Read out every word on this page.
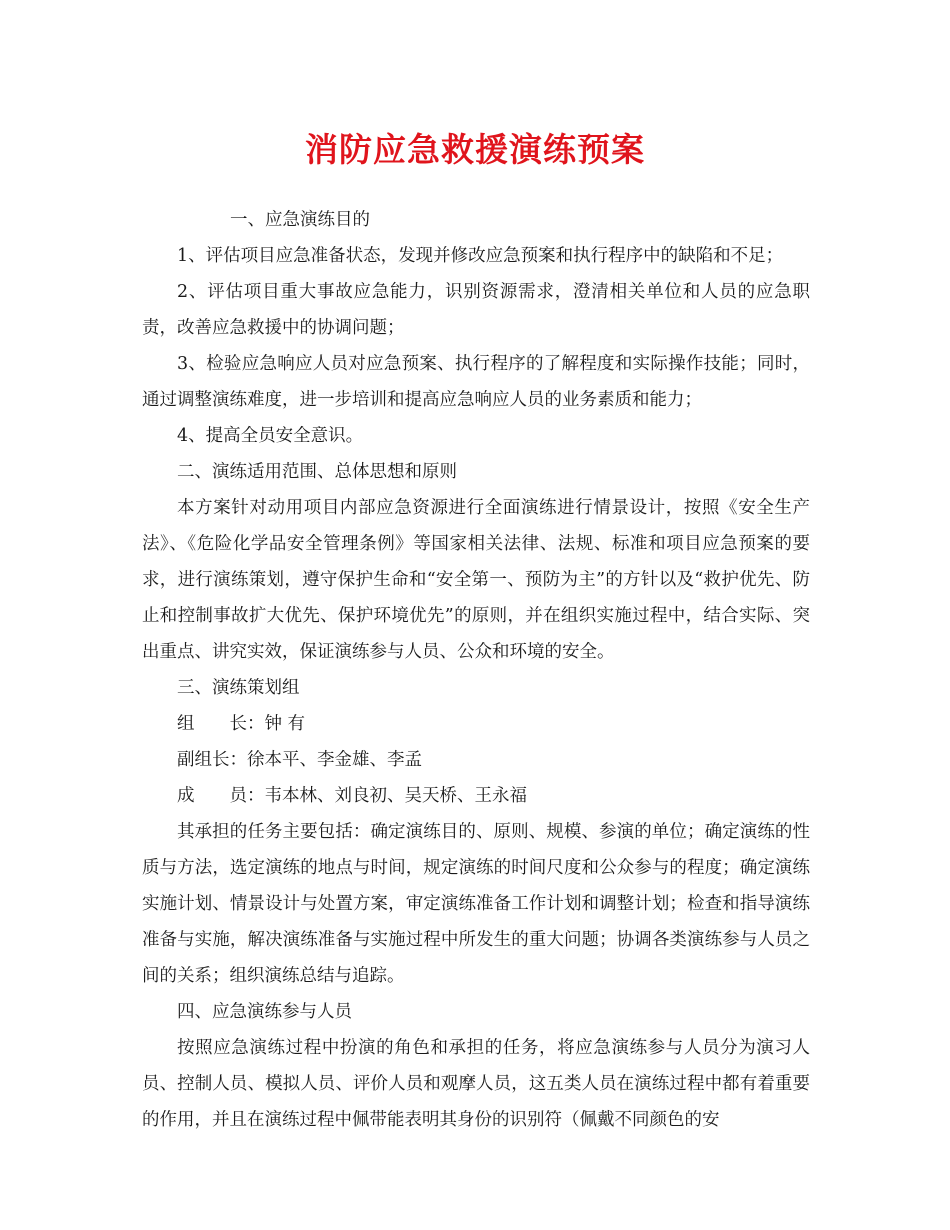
消防应急救援演练预案

一、应急演练目的

1、评估项目应急准备状态，发现并修改应急预案和执行程序中的缺陷和不足；

2、评估项目重大事故应急能力，识别资源需求，澄清相关单位和人员的应急职责，改善应急救援中的协调问题；

3、检验应急响应人员对应急预案、执行程序的了解程度和实际操作技能；同时，通过调整演练难度，进一步培训和提高应急响应人员的业务素质和能力；

4、提高全员安全意识。

二、演练适用范围、总体思想和原则

本方案针对动用项目内部应急资源进行全面演练进行情景设计，按照《安全生产法》、《危险化学品安全管理条例》等国家相关法律、法规、标准和项目应急预案的要求，进行演练策划，遵守保护生命和“安全第一、预防为主”的方针以及“救护优先、防止和控制事故扩大优先、保护环境优先”的原则，并在组织实施过程中，结合实际、突出重点、讲究实效，保证演练参与人员、公众和环境的安全。

三、演练策划组

组　　长：钟 有

副组长：徐本平、李金雄、李孟

成　　员：韦本林、刘良初、吴天桥、王永福

其承担的任务主要包括：确定演练目的、原则、规模、参演的单位；确定演练的性质与方法，选定演练的地点与时间，规定演练的时间尺度和公众参与的程度；确定演练实施计划、情景设计与处置方案，审定演练准备工作计划和调整计划；检查和指导演练准备与实施，解决演练准备与实施过程中所发生的重大问题；协调各类演练参与人员之间的关系；组织演练总结与追踪。

四、应急演练参与人员

按照应急演练过程中扮演的角色和承担的任务，将应急演练参与人员分为演习人员、控制人员、模拟人员、评价人员和观摩人员，这五类人员在演练过程中都有着重要的作用，并且在演练过程中佩带能表明其身份的识别符（佩戴不同颜色的安
